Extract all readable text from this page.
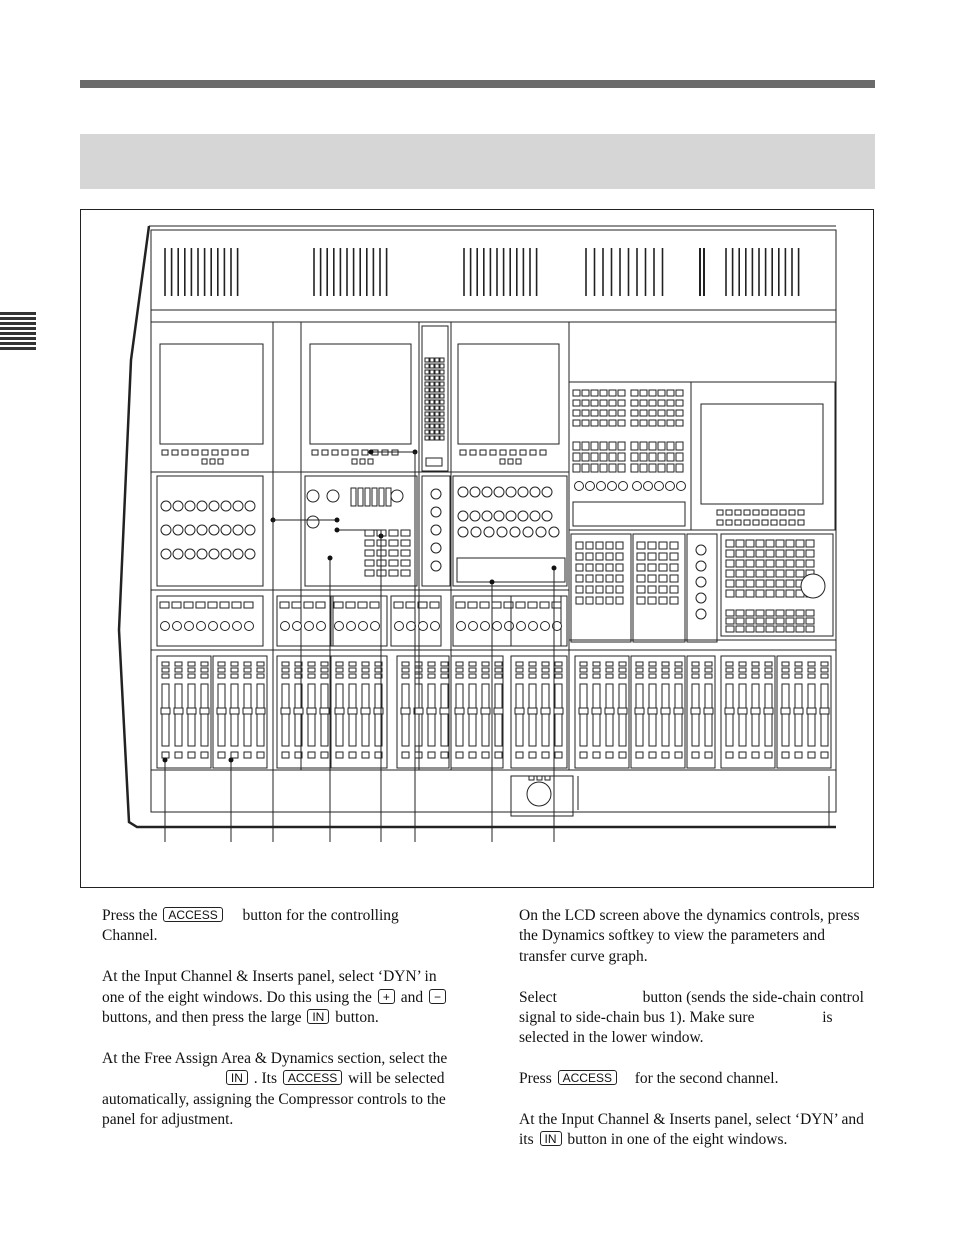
Press the ACCESS button for the controlling Channel.

At the Input Channel & Inserts panel, select ‘DYN’ in one of the eight windows. Do this using the + and − buttons, and then press the large IN button.

At the Free Assign Area & Dynamics section, select the  IN . Its ACCESS will be selected automatically, assigning the Compressor controls to the panel for adjustment.

On the LCD screen above the dynamics controls, press the Dynamics softkey to view the parameters and transfer curve graph.

Select	button (sends the side-chain control signal to side-chain bus 1). Make sure	is selected in the lower window.

Press ACCESS for the second channel.

At the Input Channel & Inserts panel, select ‘DYN’ and its IN button in one of the eight windows.
